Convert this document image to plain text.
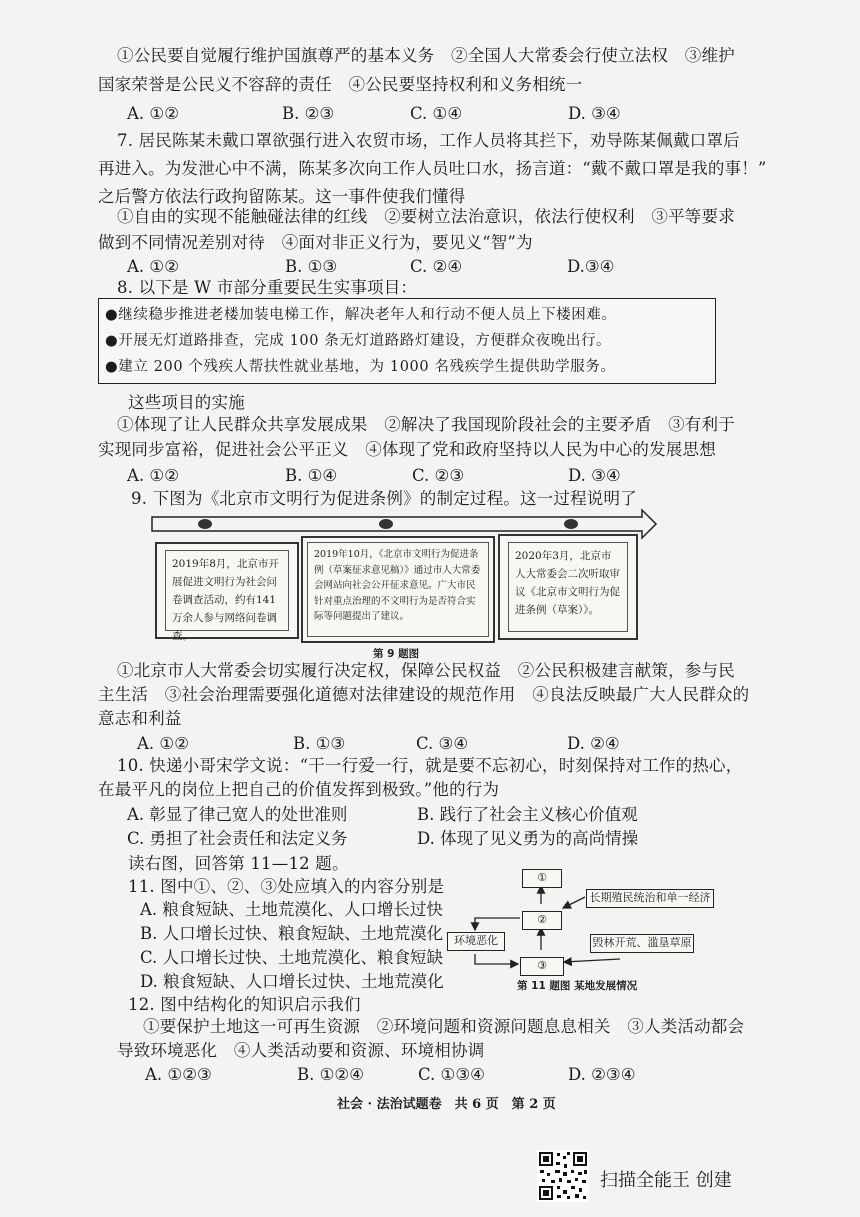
①公民要自觉履行维护国旗尊严的基本义务　②全国人大常委会行使立法权　③维护
国家荣誉是公民义不容辞的责任　④公民要坚持权利和义务相统一
A. ①②	B. ②③	C. ①④	D. ③④
7. 居民陈某未戴口罩欲强行进入农贸市场，工作人员将其拦下，劝导陈某佩戴口罩后
再进入。为发泄心中不满，陈某多次向工作人员吐口水，扬言道：“戴不戴口罩是我的事！”
之后警方依法行政拘留陈某。这一事件使我们懂得
①自由的实现不能触碰法律的红线　②要树立法治意识，依法行使权利　③平等要求
做到不同情况差别对待　④面对非正义行为，要见义“智”为
A. ①②	B. ①③	C. ②④	D.③④
8. 以下是 W 市部分重要民生实事项目：
●继续稳步推进老楼加装电梯工作，解决老年人和行动不便人员上下楼困难。
●开展无灯道路排查，完成 100 条无灯道路路灯建设，方便群众夜晚出行。
●建立 200 个残疾人帮扶性就业基地，为 1000 名残疾学生提供助学服务。
这些项目的实施
①体现了让人民群众共享发展成果　②解决了我国现阶段社会的主要矛盾　③有利于
实现同步富裕，促进社会公平正义　④体现了党和政府坚持以人民为中心的发展思想
A. ①②	B. ①④	C. ②③	D. ③④
9. 下图为《北京市文明行为促进条例》的制定过程。这一过程说明了
2019年8月，北京市开展促进文明行为社会问卷调查活动，约有141万余人参与网络问卷调查。
2019年10月，《北京市文明行为促进条例（草案征求意见稿）》通过市人大常委会网站向社会公开征求意见。广大市民针对重点治理的不文明行为是否符合实际等问题提出了建议。
2020年3月，北京市人大常委会二次听取审议《北京市文明行为促进条例（草案）》。
第 9 题图
①北京市人大常委会切实履行决定权，保障公民权益　②公民积极建言献策，参与民
主生活　③社会治理需要强化道德对法律建设的规范作用　④良法反映最广大人民群众的
意志和利益
A. ①②	B. ①③	C. ③④	D. ②④
10. 快递小哥宋学文说：“干一行爱一行，就是要不忘初心，时刻保持对工作的热心，
在最平凡的岗位上把自己的价值发挥到极致。”他的行为
A. 彰显了律己宽人的处世准则	B. 践行了社会主义核心价值观
C. 勇担了社会责任和法定义务	D. 体现了见义勇为的高尚情操
读右图，回答第 11—12 题。
11. 图中①、②、③处应填入的内容分别是
A. 粮食短缺、土地荒漠化、人口增长过快
B. 人口增长过快、粮食短缺、土地荒漠化
C. 人口增长过快、土地荒漠化、粮食短缺
D. 粮食短缺、人口增长过快、土地荒漠化
①
长期殖民统治和单一经济
②
环境恶化	毁林开荒、滥垦草原
③
第 11 题图 某地发展情况
12. 图中结构化的知识启示我们
①要保护土地这一可再生资源　②环境问题和资源问题息息相关　③人类活动都会
导致环境恶化　④人类活动要和资源、环境相协调
A. ①②③	B. ①②④	C. ①③④	D. ②③④
社会 · 法治试题卷　共 6 页　第 2 页
扫描全能王 创建
